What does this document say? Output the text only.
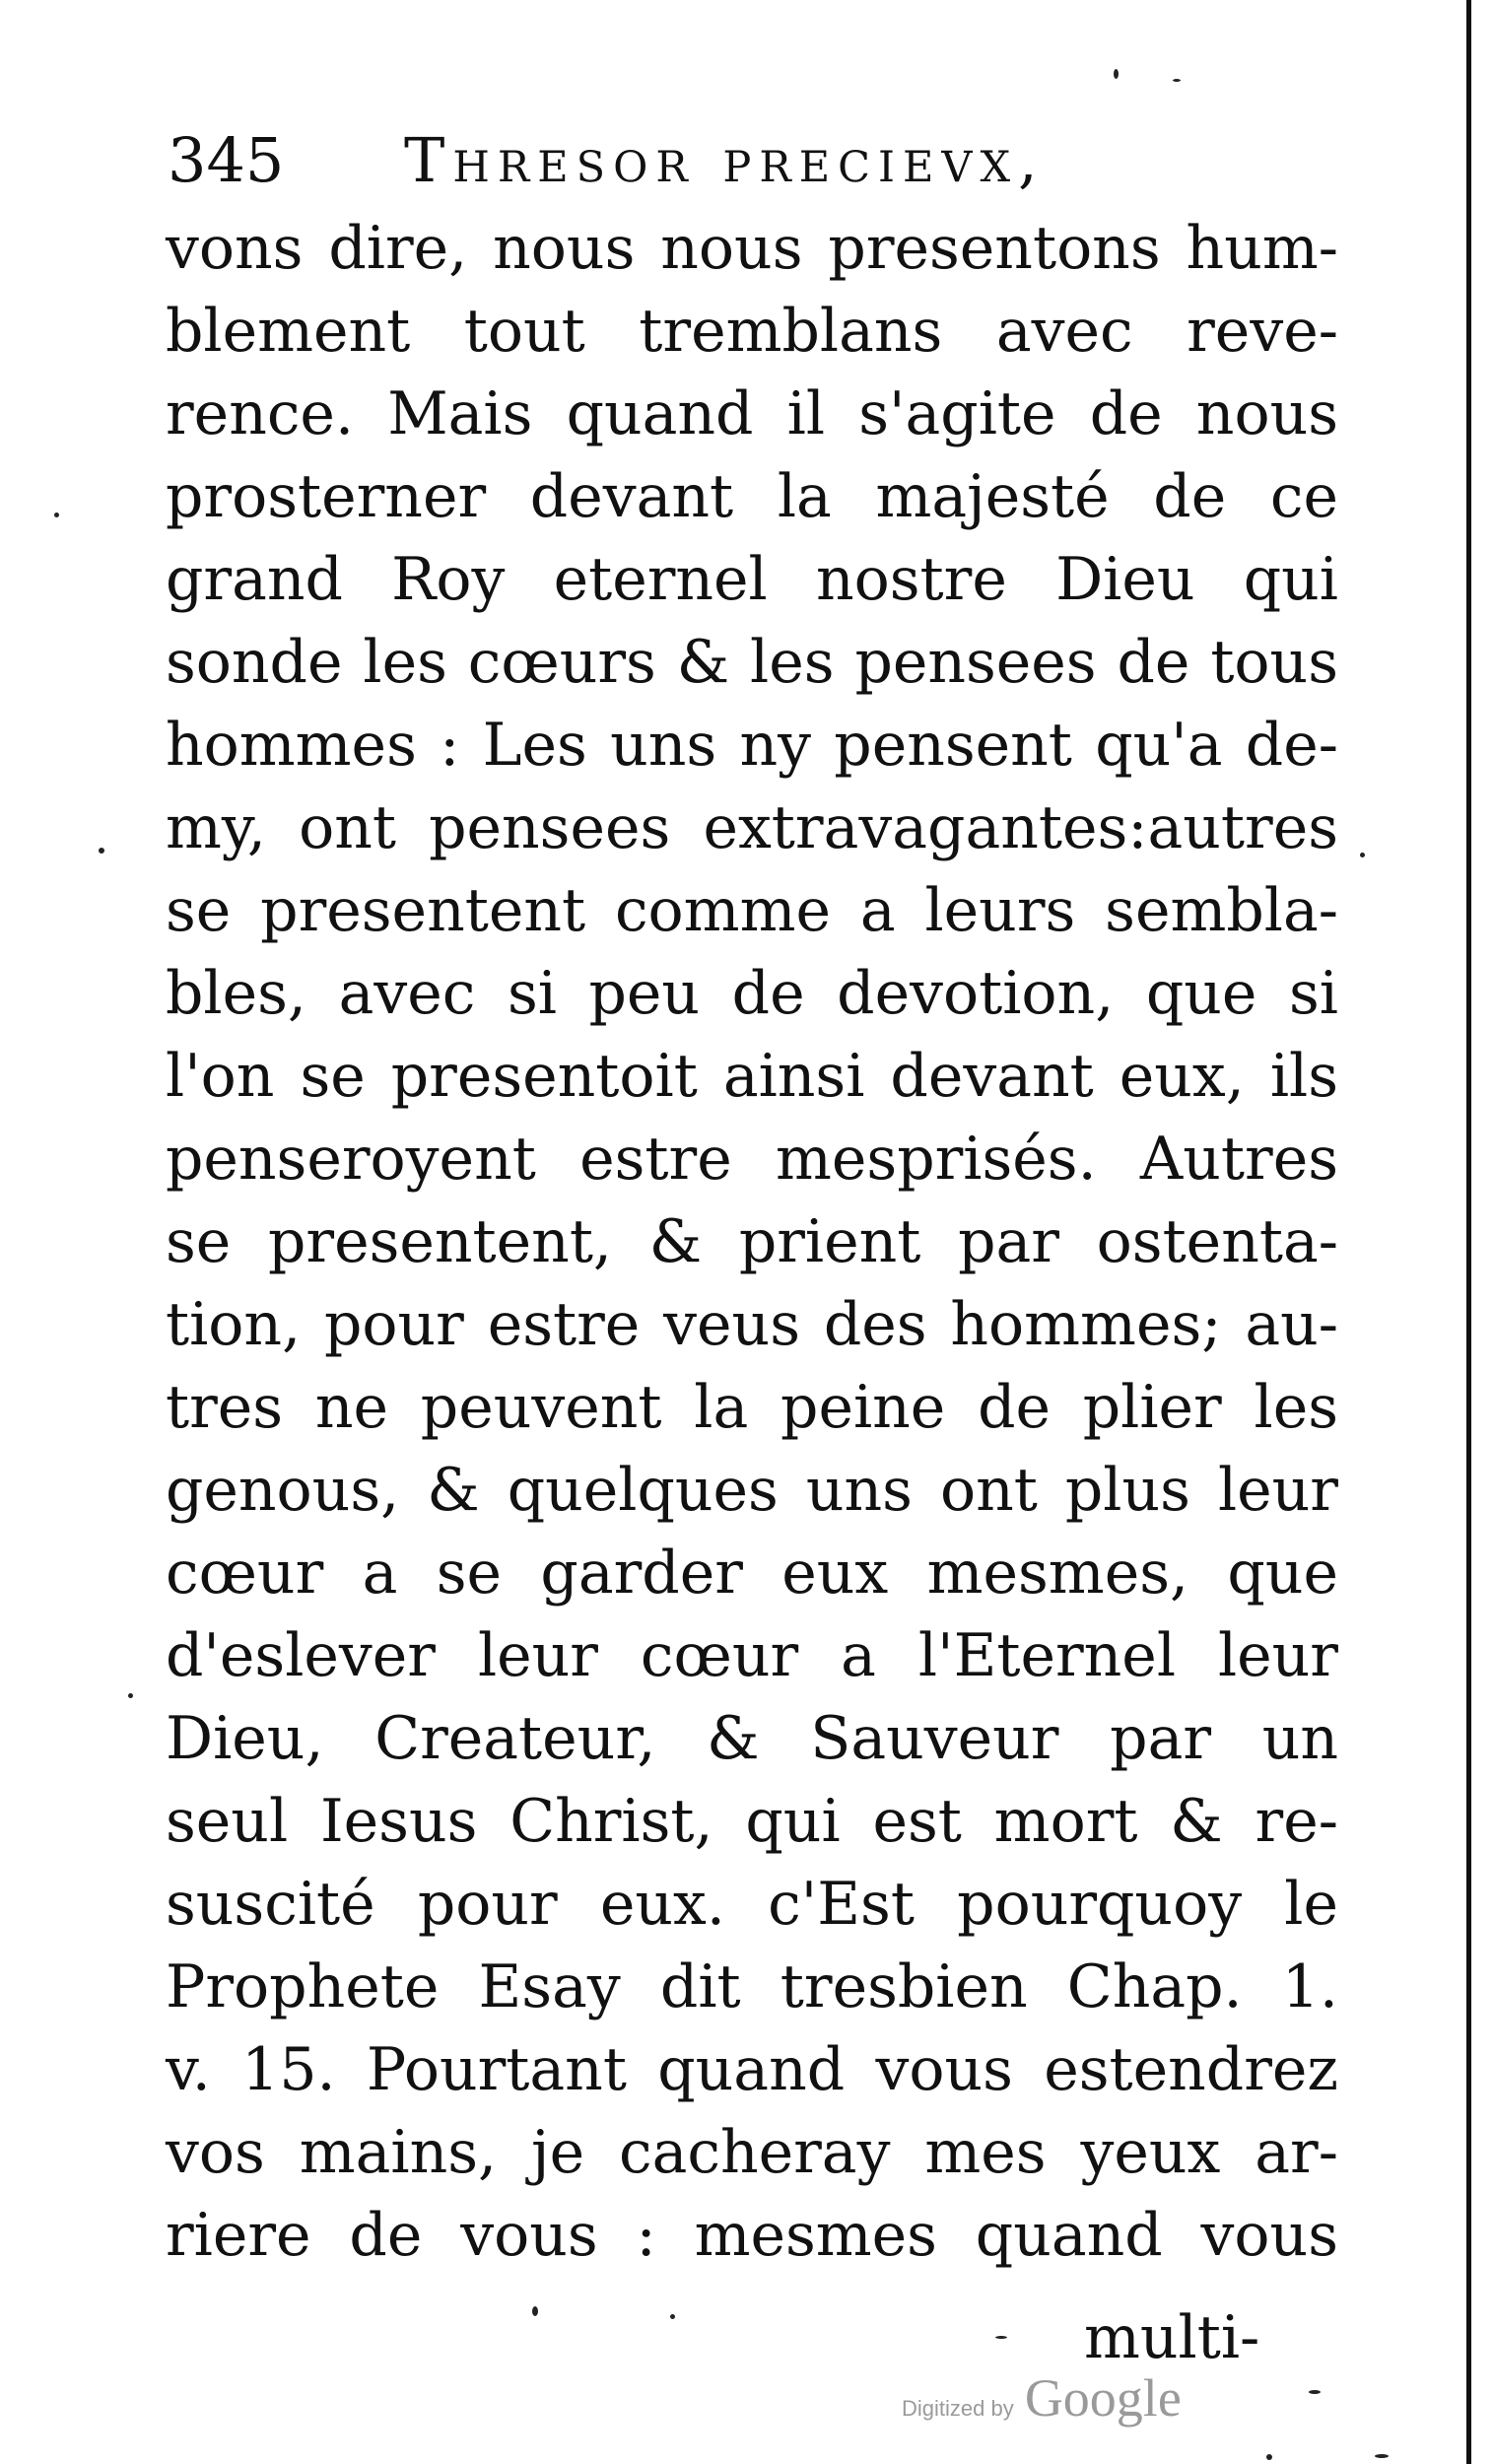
345 Thresor precievx,
vons dire, nous nous presentons hum-
blement tout tremblans avec reve-
rence. Mais quand il s'agite de nous
prosterner devant la majesté de ce
grand Roy eternel nostre Dieu qui
sonde les cœurs & les pensees de tous
hommes : Les uns ny pensent qu'a de-
my, ont pensees extravagantes:autres
se presentent comme a leurs sembla-
bles, avec si peu de devotion, que si
l'on se presentoit ainsi devant eux, ils
penseroyent estre mesprisés. Autres
se presentent, & prient par ostenta-
tion, pour estre veus des hommes; au-
tres ne peuvent la peine de plier les
genous, & quelques uns ont plus leur
cœur a se garder eux mesmes, que
d'eslever leur cœur a l'Eternel leur
Dieu, Createur, & Sauveur par un
seul Iesus Christ, qui est mort & re-
suscité pour eux. c'Est pourquoy le
Prophete Esay dit tresbien Chap. 1.
v. 15. Pourtant quand vous estendrez
vos mains, je cacheray mes yeux ar-
riere de vous : mesmes quand vous
multi-
Digitized by Google
